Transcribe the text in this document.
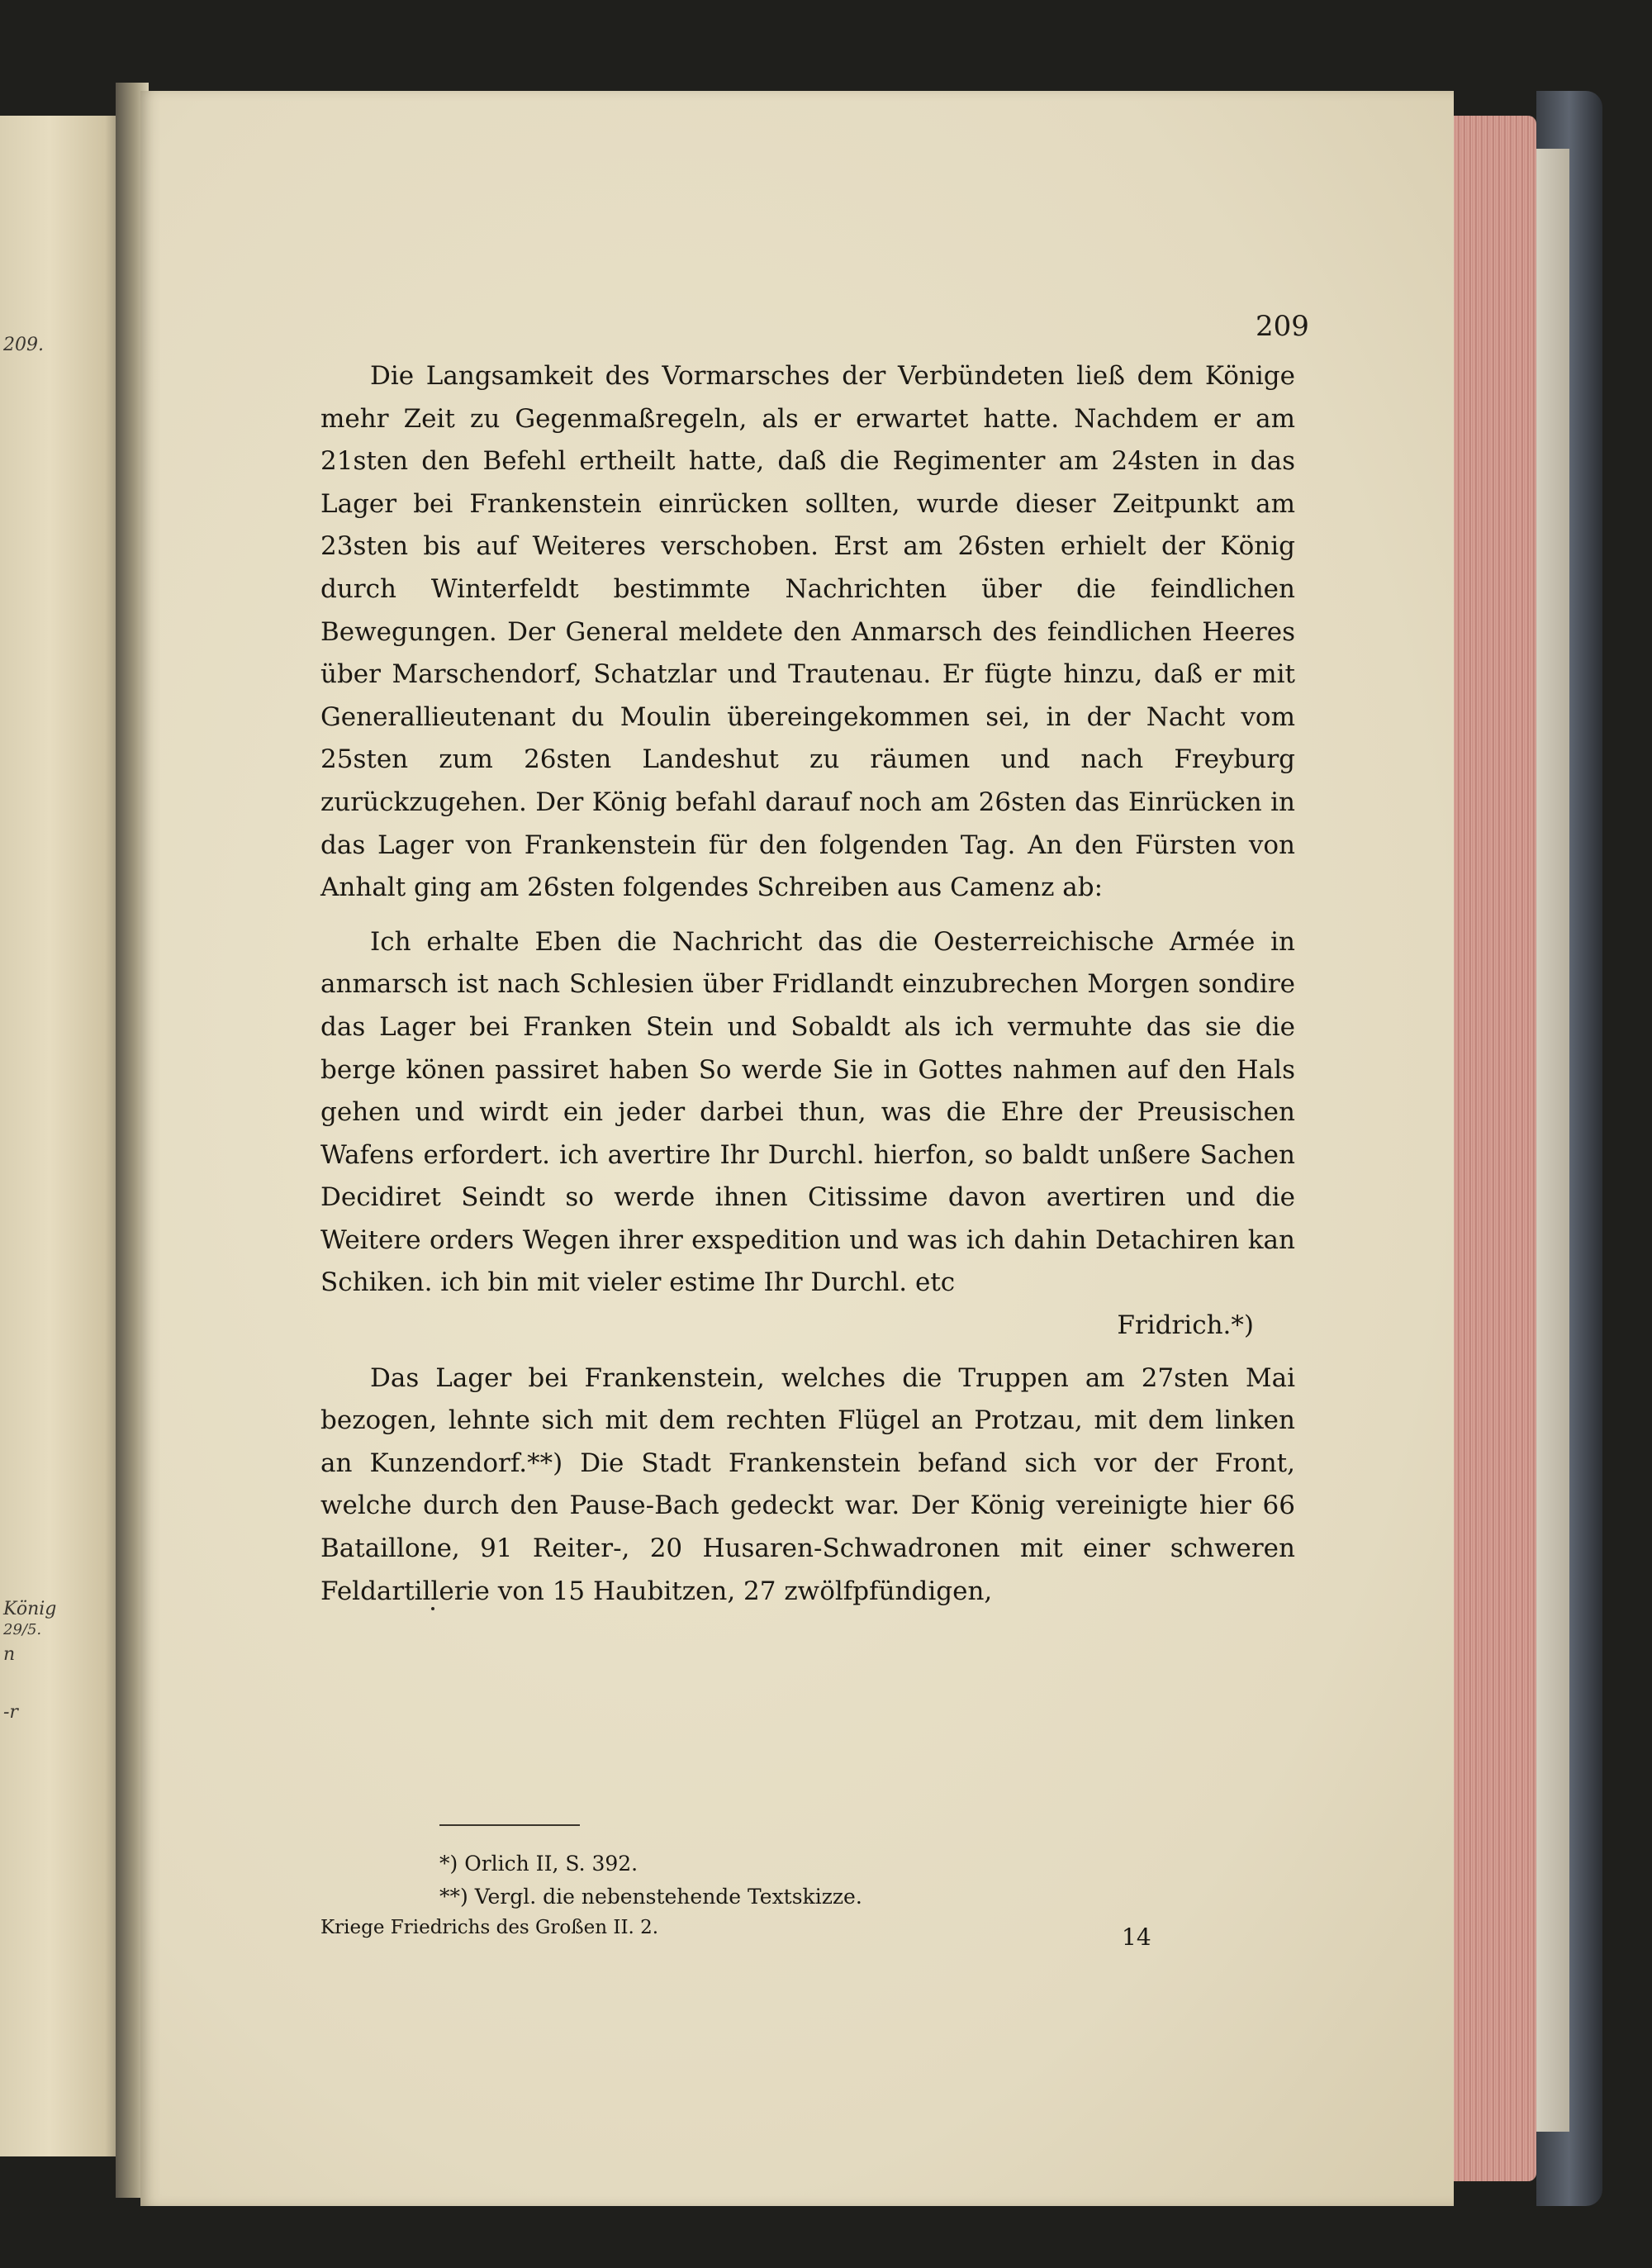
209.
König
29/5.
n
-r
209

Die Langsamkeit des Vormarsches der Verbündeten ließ dem Könige mehr Zeit zu Gegenmaßregeln, als er erwartet hatte. Nachdem er am 21sten den Befehl ertheilt hatte, daß die Regimenter am 24sten in das Lager bei Frankenstein einrücken sollten, wurde dieser Zeitpunkt am 23sten bis auf Weiteres verschoben. Erst am 26sten erhielt der König durch Winterfeldt bestimmte Nachrichten über die feindlichen Bewegungen. Der General meldete den Anmarsch des feindlichen Heeres über Marschendorf, Schatzlar und Trautenau. Er fügte hinzu, daß er mit Generallieutenant du Moulin übereingekommen sei, in der Nacht vom 25sten zum 26sten Landeshut zu räumen und nach Freyburg zurückzugehen. Der König befahl darauf noch am 26sten das Einrücken in das Lager von Frankenstein für den folgenden Tag. An den Fürsten von Anhalt ging am 26sten folgendes Schreiben aus Camenz ab:

Ich erhalte Eben die Nachricht das die Oesterreichische Armée in anmarsch ist nach Schlesien über Fridlandt einzubrechen Morgen sondire das Lager bei Franken Stein und Sobaldt als ich vermuhte das sie die berge könen passiret haben So werde Sie in Gottes nahmen auf den Hals gehen und wirdt ein jeder darbei thun, was die Ehre der Preusischen Wafens erfordert. ich avertire Ihr Durchl. hierfon, so baldt unßere Sachen Decidiret Seindt so werde ihnen Citissime davon avertiren und die Weitere orders Wegen ihrer exspedition und was ich dahin Detachiren kan Schiken. ich bin mit vieler estime Ihr Durchl. etc

Fridrich.*)

Das Lager bei Frankenstein, welches die Truppen am 27sten Mai bezogen, lehnte sich mit dem rechten Flügel an Protzau, mit dem linken an Kunzendorf.**) Die Stadt Frankenstein befand sich vor der Front, welche durch den Pause-Bach gedeckt war. Der König vereinigte hier 66 Bataillone, 91 Reiter-, 20 Husaren-Schwadronen mit einer schweren Feldartillerie von 15 Haubitzen, 27 zwölfpfündigen,

*) Orlich II, S. 392.
**) Vergl. die nebenstehende Textskizze.
Kriege Friedrichs des Großen II. 2.	14
